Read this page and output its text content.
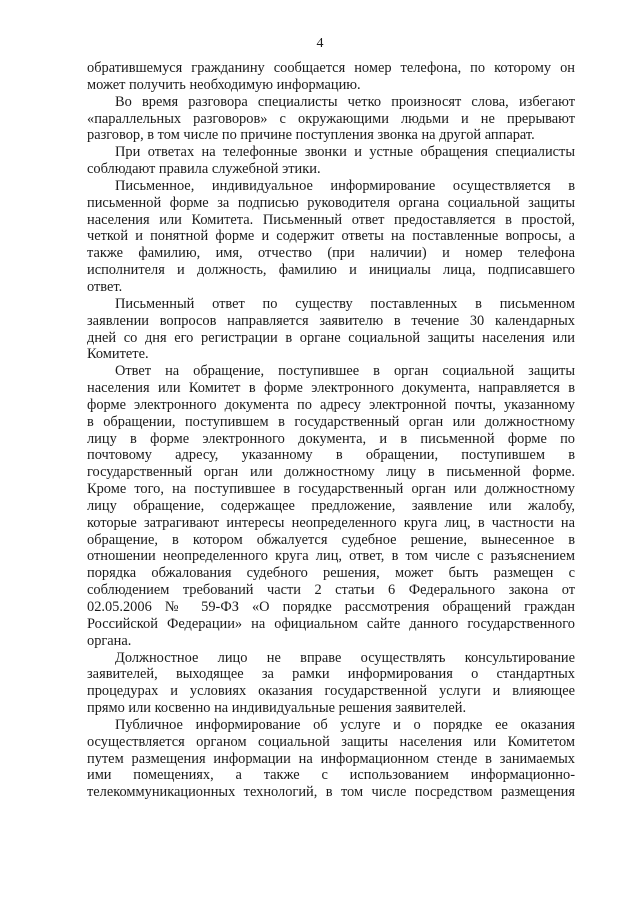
4
обратившемуся гражданину сообщается номер телефона, по которому он
может получить необходимую информацию.
Во время разговора специалисты четко произносят слова, избегают
«параллельных разговоров» с окружающими людьми и не прерывают
разговор, в том числе по причине поступления звонка на другой аппарат.
При ответах на телефонные звонки и устные обращения специалисты
соблюдают правила служебной этики.
Письменное, индивидуальное информирование осуществляется в
письменной форме за подписью руководителя органа социальной защиты
населения или Комитета. Письменный ответ предоставляется в простой,
четкой и понятной форме и содержит ответы на поставленные вопросы, а
также фамилию, имя, отчество (при наличии) и номер телефона
исполнителя и должность, фамилию и инициалы лица, подписавшего
ответ.
Письменный ответ по существу поставленных в письменном
заявлении вопросов направляется заявителю в течение 30 календарных
дней со дня его регистрации в органе социальной защиты населения или
Комитете.
Ответ на обращение, поступившее в орган социальной защиты
населения или Комитет в форме электронного документа, направляется в
форме электронного документа по адресу электронной почты, указанному
в обращении, поступившем в государственный орган или должностному
лицу в форме электронного документа, и в письменной форме по
почтовому адресу, указанному в обращении, поступившем в
государственный орган или должностному лицу в письменной форме.
Кроме того, на поступившее в государственный орган или должностному
лицу обращение, содержащее предложение, заявление или жалобу,
которые затрагивают интересы неопределенного круга лиц, в частности на
обращение, в котором обжалуется судебное решение, вынесенное в
отношении неопределенного круга лиц, ответ, в том числе с разъяснением
порядка обжалования судебного решения, может быть размещен с
соблюдением требований части 2 статьи 6 Федерального закона от
02.05.2006 № 59-ФЗ «О порядке рассмотрения обращений граждан
Российской Федерации» на официальном сайте данного государственного
органа.
Должностное лицо не вправе осуществлять консультирование
заявителей, выходящее за рамки информирования о стандартных
процедурах и условиях оказания государственной услуги и влияющее
прямо или косвенно на индивидуальные решения заявителей.
Публичное информирование об услуге и о порядке ее оказания
осуществляется органом социальной защиты населения или Комитетом
путем размещения информации на информационном стенде в занимаемых
ими помещениях, а также с использованием информационно-
телекоммуникационных технологий, в том числе посредством размещения
